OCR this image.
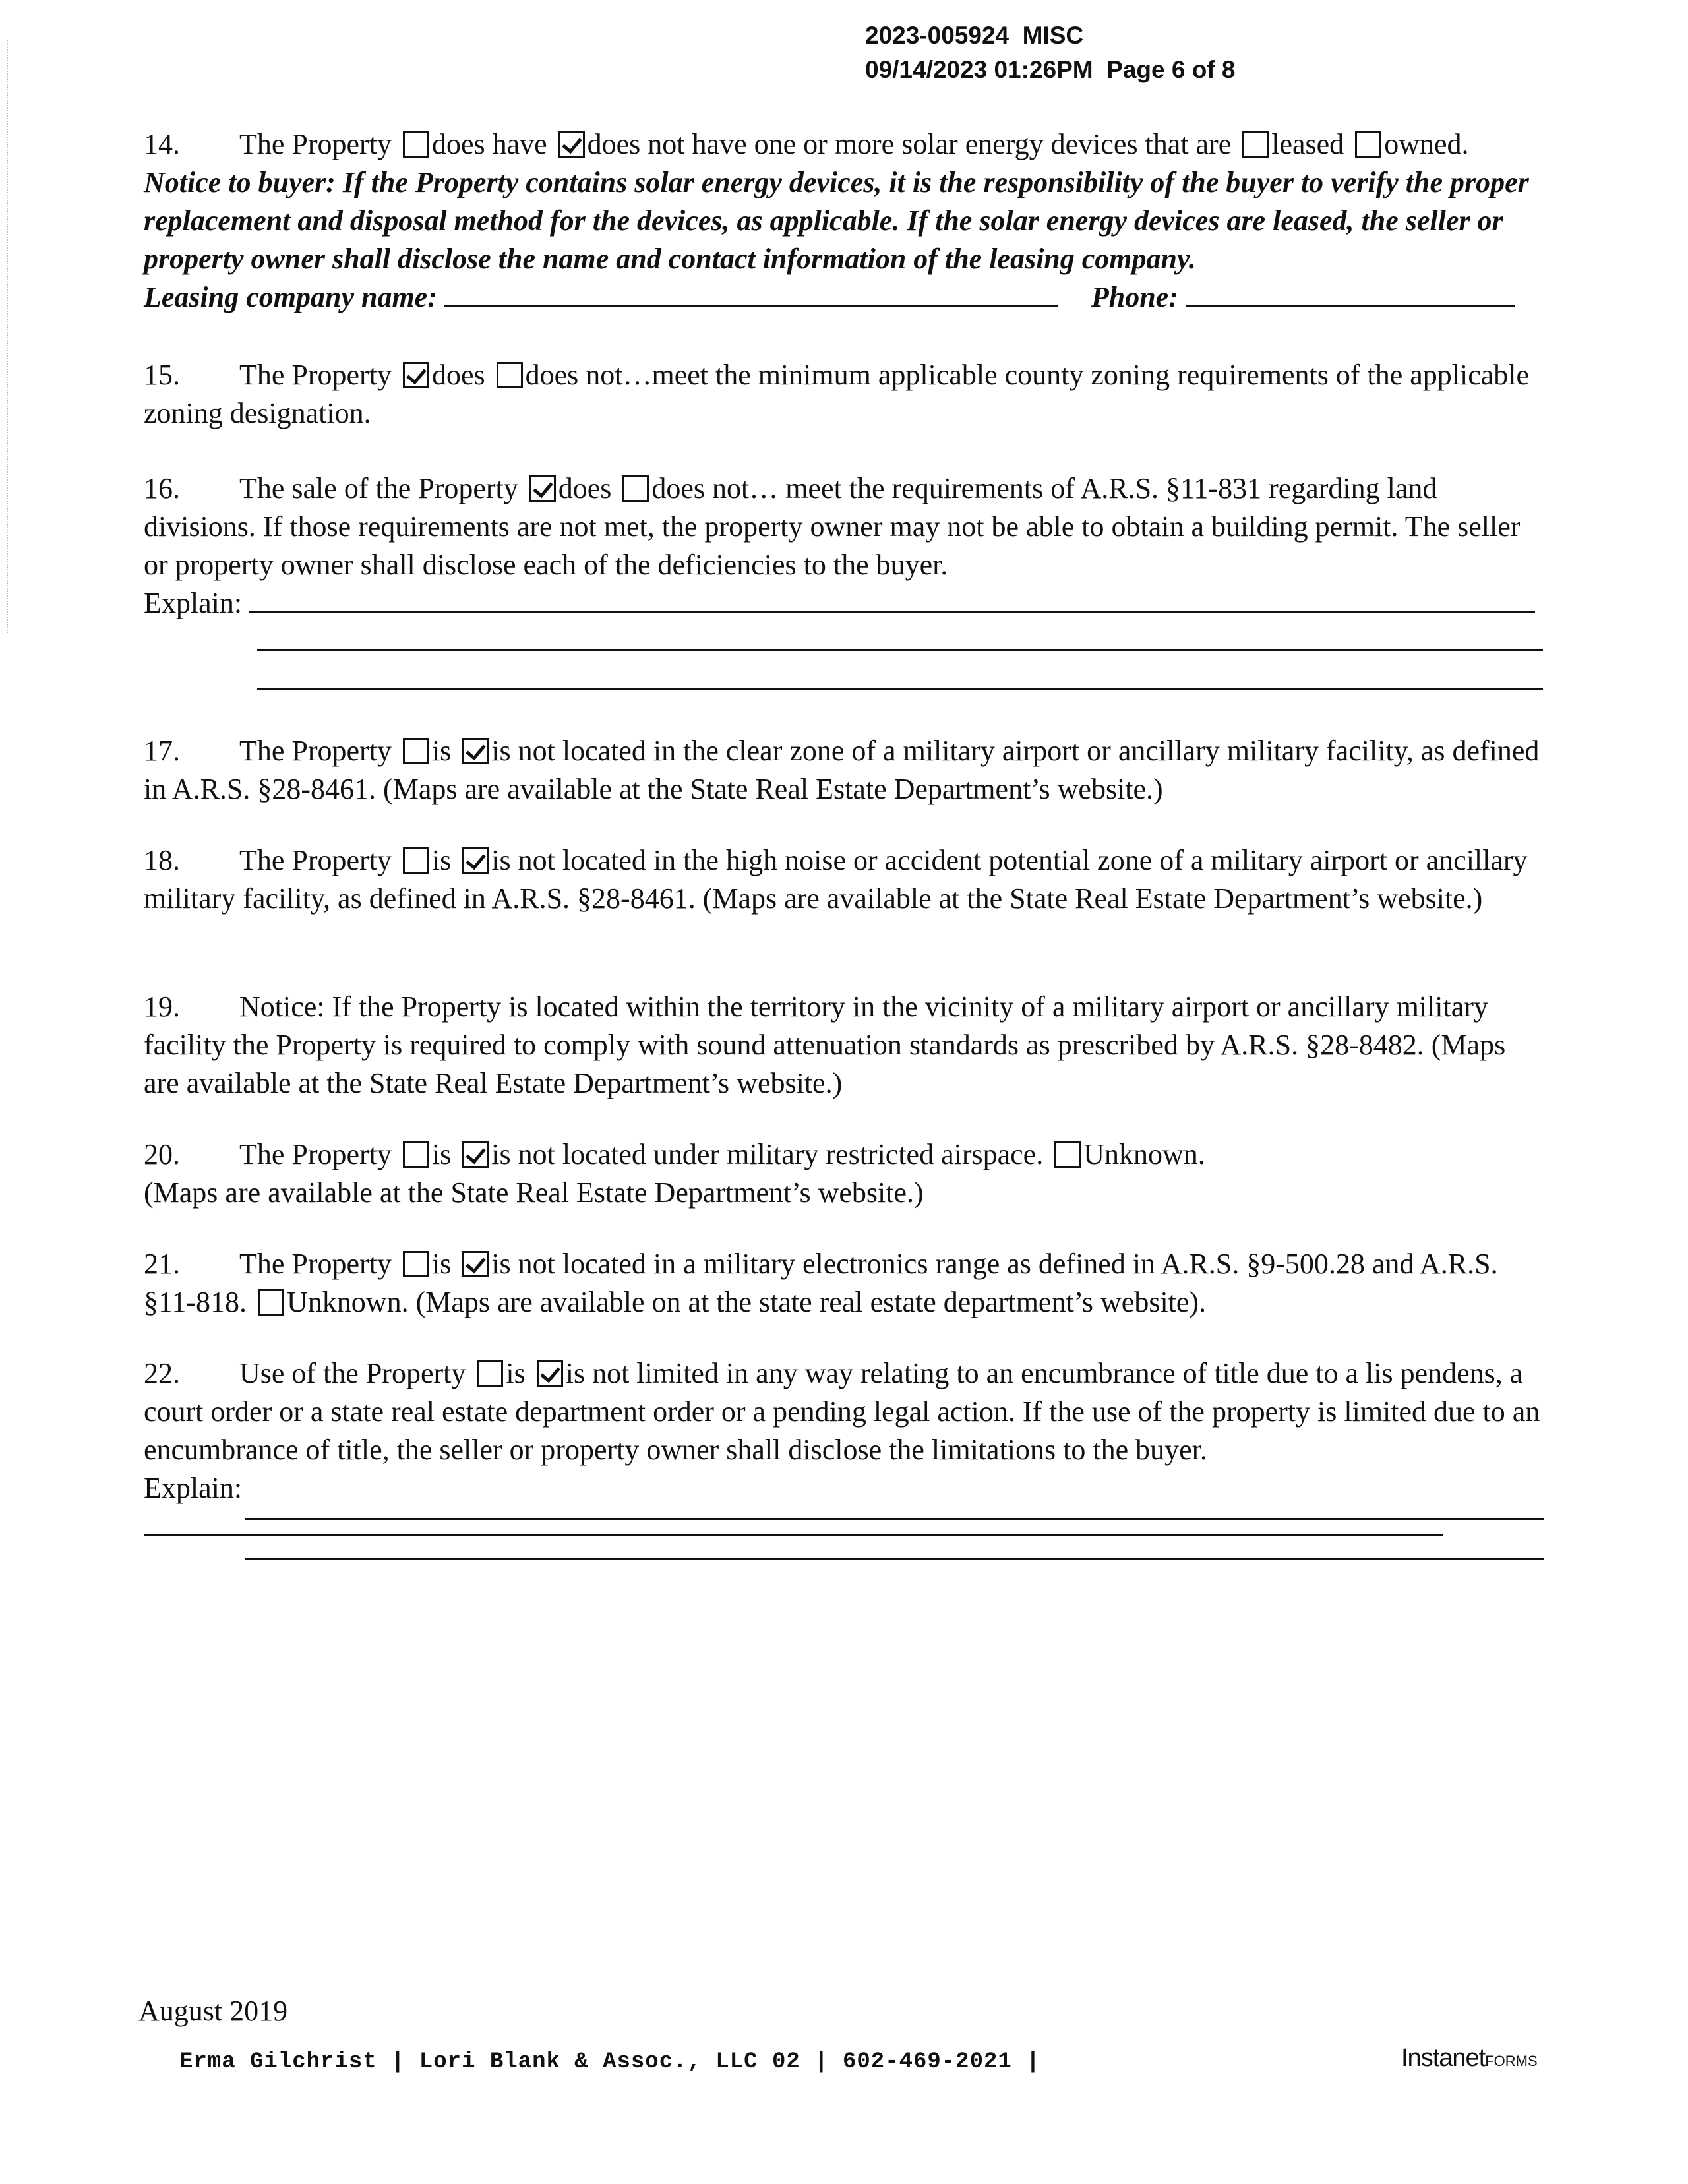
2023-005924  MISC
09/14/2023 01:26PM  Page 6 of 8
14. The Property does have does not have one or more solar energy devices that are leased owned.
Notice to buyer: If the Property contains solar energy devices, it is the responsibility of the buyer to verify the proper replacement and disposal method for the devices, as applicable. If the solar energy devices are leased, the seller or property owner shall disclose the name and contact information of the leasing company.
Leasing company name:	Phone:
15. The Property does does not…meet the minimum applicable county zoning requirements of the applicable zoning designation.
16. The sale of the Property does does not… meet the requirements of A.R.S. §11-831 regarding land divisions. If those requirements are not met, the property owner may not be able to obtain a building permit. The seller or property owner shall disclose each of the deficiencies to the buyer.
Explain:
17. The Property is is not located in the clear zone of a military airport or ancillary military facility, as defined in A.R.S. §28-8461. (Maps are available at the State Real Estate Department’s website.)
18. The Property is is not located in the high noise or accident potential zone of a military airport or ancillary military facility, as defined in A.R.S. §28-8461. (Maps are available at the State Real Estate Department’s website.)
19. Notice: If the Property is located within the territory in the vicinity of a military airport or ancillary military facility the Property is required to comply with sound attenuation standards as prescribed by A.R.S. §28-8482. (Maps are available at the State Real Estate Department’s website.)
20. The Property is is not located under military restricted airspace. Unknown.
(Maps are available at the State Real Estate Department’s website.)
21. The Property is is not located in a military electronics range as defined in A.R.S. §9-500.28 and A.R.S. §11-818. Unknown. (Maps are available on at the state real estate department’s website).
22. Use of the Property is is not limited in any way relating to an encumbrance of title due to a lis pendens, a court order or a state real estate department order or a pending legal action. If the use of the property is limited due to an encumbrance of title, the seller or property owner shall disclose the limitations to the buyer.
Explain:
August 2019
Erma Gilchrist | Lori Blank & Assoc., LLC 02 | 602-469-2021 |	InstanetFORMS
